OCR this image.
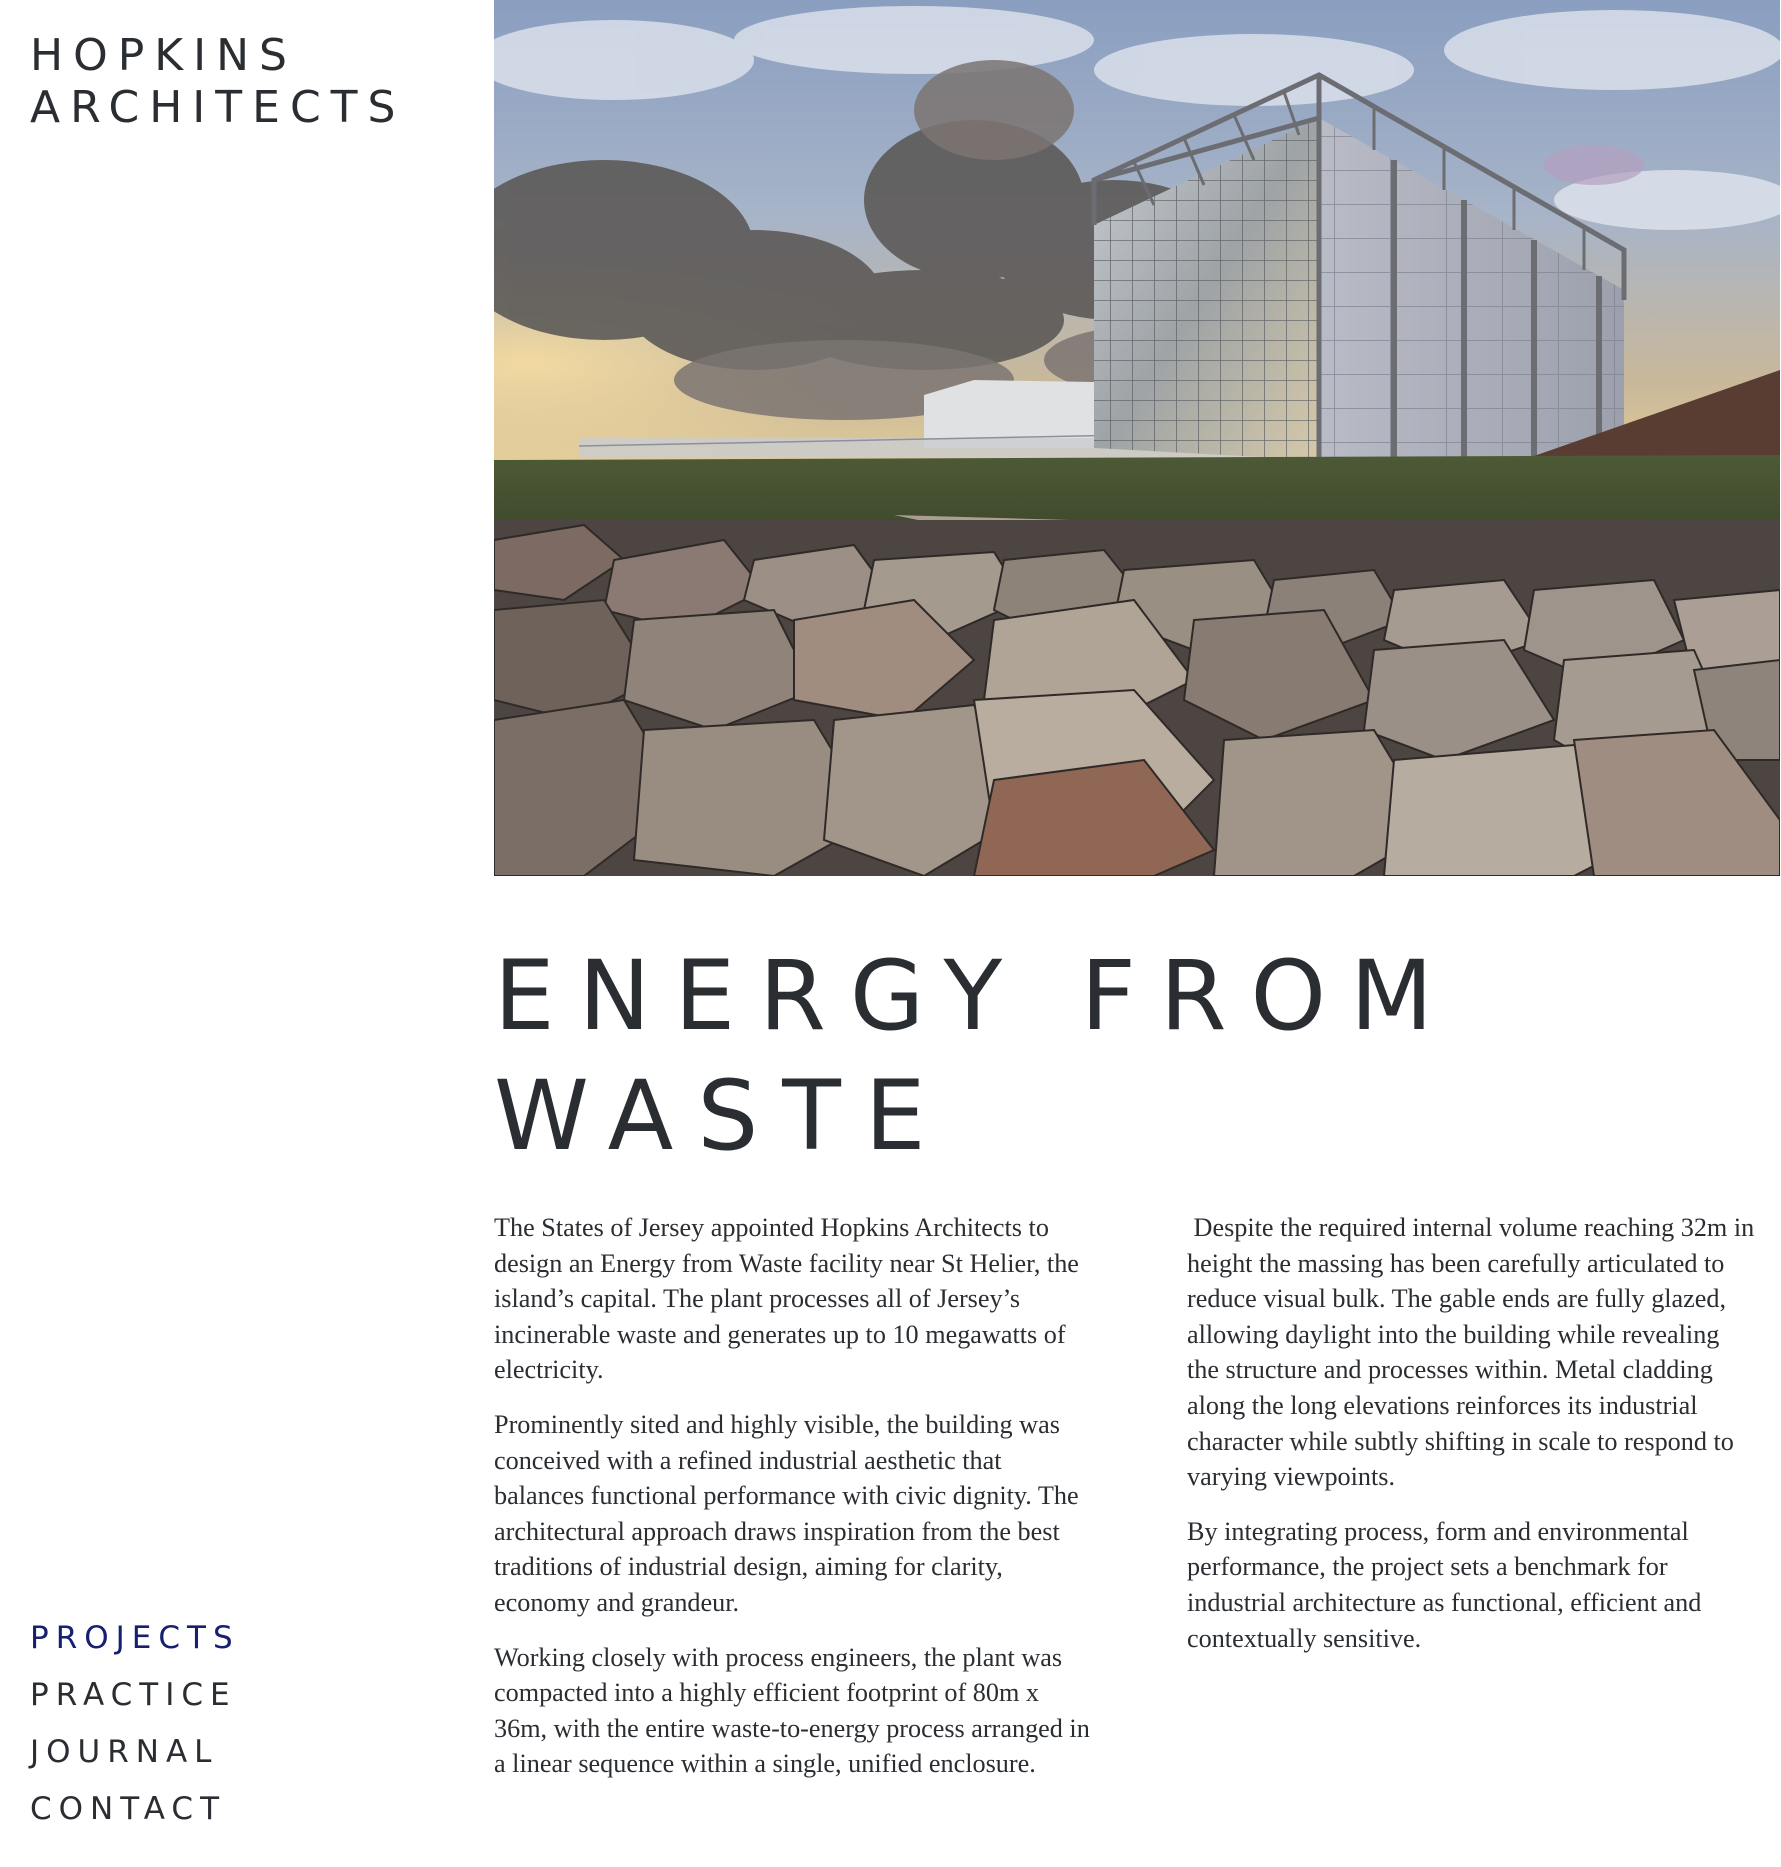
HOPKINS
ARCHITECTS
ENERGY FROM
WASTE

The States of Jersey appointed Hopkins Architects to design an Energy from Waste facility near St Helier, the island’s capital. The plant processes all of Jersey’s incinerable waste and generates up to 10 megawatts of electricity.

Prominently sited and highly visible, the building was conceived with a refined industrial aesthetic that balances functional performance with civic dignity. The architectural approach draws inspiration from the best traditions of industrial design, aiming for clarity, economy and grandeur.

Working closely with process engineers, the plant was compacted into a highly efficient footprint of 80m x 36m, with the entire waste-to-energy process arranged in a linear sequence within a single, unified enclosure.

Despite the required internal volume reaching 32m in height the massing has been carefully articulated to reduce visual bulk. The gable ends are fully glazed, allowing daylight into the building while revealing the structure and processes within. Metal cladding along the long elevations reinforces its industrial character while subtly shifting in scale to respond to varying viewpoints.

By integrating process, form and environmental performance, the project sets a benchmark for industrial architecture as functional, efficient and contextually sensitive.

PROJECTS
PRACTICE
JOURNAL
CONTACT
